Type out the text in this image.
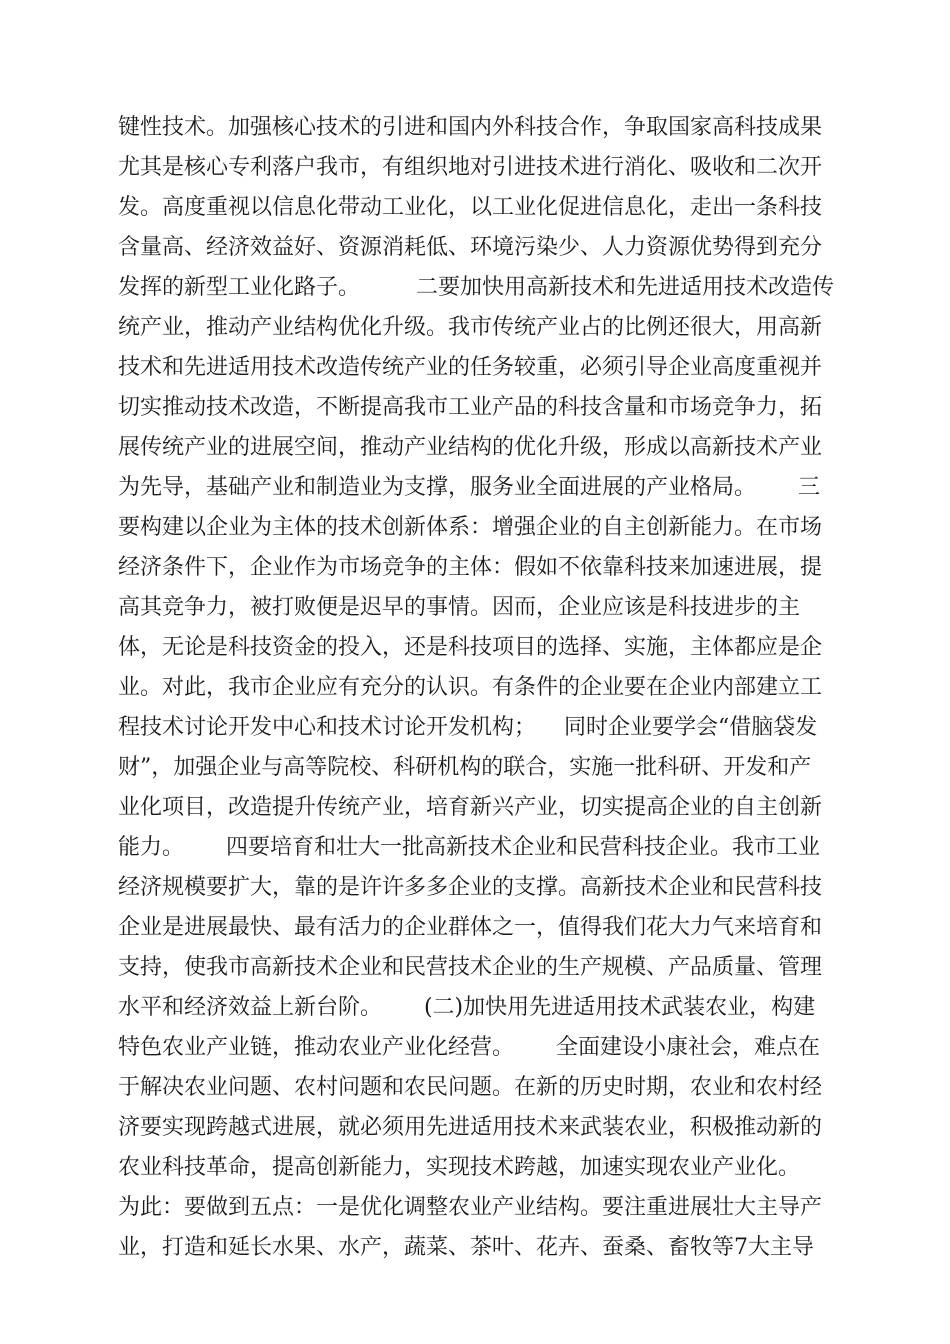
键性技术。加强核心技术的引进和国内外科技合作，争取国家高科技成果
尤其是核心专利落户我市，有组织地对引进技术进行消化、吸收和二次开
发。高度重视以信息化带动工业化，以工业化促进信息化，走出一条科技
含量高、经济效益好、资源消耗低、环境污染少、人力资源优势得到充分
发挥的新型工业化路子。        二要加快用高新技术和先进适用技术改造传
统产业，推动产业结构优化升级。我市传统产业占的比例还很大，用高新
技术和先进适用技术改造传统产业的任务较重，必须引导企业高度重视并
切实推动技术改造，不断提高我市工业产品的科技含量和市场竞争力，拓
展传统产业的进展空间，推动产业结构的优化升级，形成以高新技术产业
为先导，基础产业和制造业为支撑，服务业全面进展的产业格局。      三
要构建以企业为主体的技术创新体系：增强企业的自主创新能力。在市场
经济条件下，企业作为市场竞争的主体：假如不依靠科技来加速进展，提
高其竞争力，被打败便是迟早的事情。因而，企业应该是科技进步的主
体，无论是科技资金的投入，还是科技项目的选择、实施，主体都应是企
业。对此，我市企业应有充分的认识。有条件的企业要在企业内部建立工
程技术讨论开发中心和技术讨论开发机构；    同时企业要学会“借脑袋发
财”，加强企业与高等院校、科研机构的联合，实施一批科研、开发和产
业化项目，改造提升传统产业，培育新兴产业，切实提高企业的自主创新
能力。      四要培育和壮大一批高新技术企业和民营科技企业。我市工业
经济规模要扩大，靠的是许许多多企业的支撑。高新技术企业和民营科技
企业是进展最快、最有活力的企业群体之一，值得我们花大力气来培育和
支持，使我市高新技术企业和民营技术企业的生产规模、产品质量、管理
水平和经济效益上新台阶。      (二)加快用先进适用技术武装农业，构建
特色农业产业链，推动农业产业化经营。      全面建设小康社会，难点在
于解决农业问题、农村问题和农民问题。在新的历史时期，农业和农村经
济要实现跨越式进展，就必须用先进适用技术来武装农业，积极推动新的
农业科技革命，提高创新能力，实现技术跨越，加速实现农业产业化。
为此：要做到五点：一是优化调整农业产业结构。要注重进展壮大主导产
业，打造和延长水果、水产，蔬菜、茶叶、花卉、蚕桑、畜牧等7大主导
